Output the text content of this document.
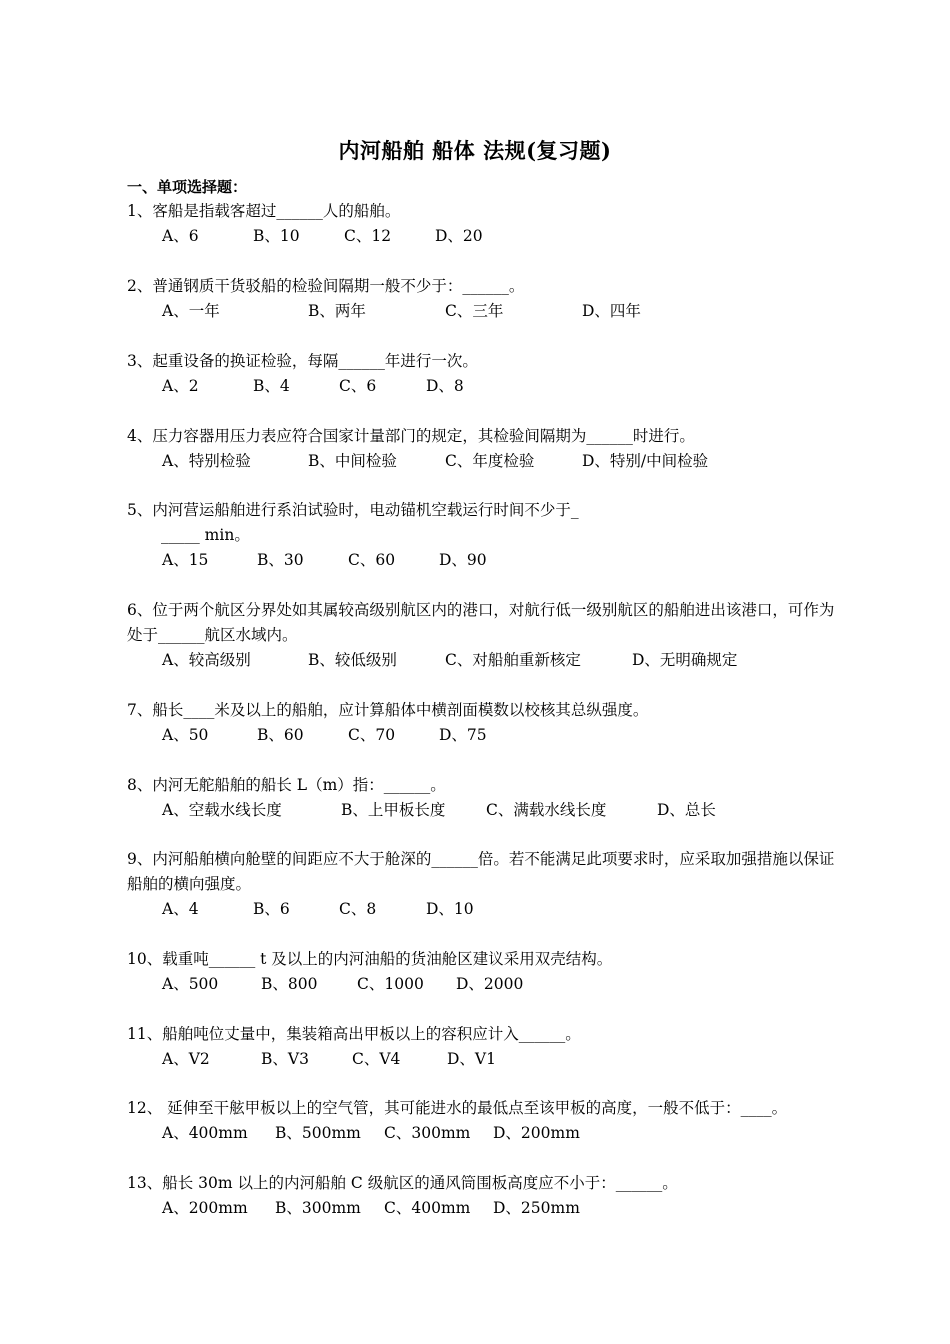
内河船舶 船体 法规(复习题)
一、单项选择题：
1、客船是指载客超过______人的船舶。
A、6	B、10	C、12	D、20
2、普通钢质干货驳船的检验间隔期一般不少于：______。
A、一年	B、两年	C、三年	D、四年
3、起重设备的换证检验，每隔______年进行一次。
A、2	B、4	C、6	D、8
4、压力容器用压力表应符合国家计量部门的规定，其检验间隔期为______时进行。
A、特别检验	B、中间检验	C、年度检验	D、特别/中间检验
5、内河营运船舶进行系泊试验时，电动锚机空载运行时间不少于_
_____ min。
A、15	B、30	C、60	D、90
6、位于两个航区分界处如其属较高级别航区内的港口，对航行低一级别航区的船舶进出该港口，可作为处于______航区水域内。
A、较高级别	B、较低级别	C、对船舶重新核定	D、无明确规定
7、船长____米及以上的船舶，应计算船体中横剖面模数以校核其总纵强度。
A、50	B、60	C、70	D、75
8、内河无舵船舶的船长 L（m）指：______。
A、空载水线长度	B、上甲板长度	C、满载水线长度	D、总长
9、内河船舶横向舱壁的间距应不大于舱深的______倍。若不能满足此项要求时，应采取加强措施以保证船舶的横向强度。
A、4	B、6	C、8	D、10
10、载重吨______ t 及以上的内河油船的货油舱区建议采用双壳结构。
A、500	B、800	C、1000 D、2000
11、船舶吨位丈量中，集装箱高出甲板以上的容积应计入______。
A、V2	B、V3	C、V4	D、V1
12、 延伸至干舷甲板以上的空气管，其可能进水的最低点至该甲板的高度，一般不低于：____。
A、400mm B、500mm C、300mm D、200mm
13、船长 30m 以上的内河船舶 C 级航区的通风筒围板高度应不小于：______。
A、200mm B、300mm C、400mm D、250mm
